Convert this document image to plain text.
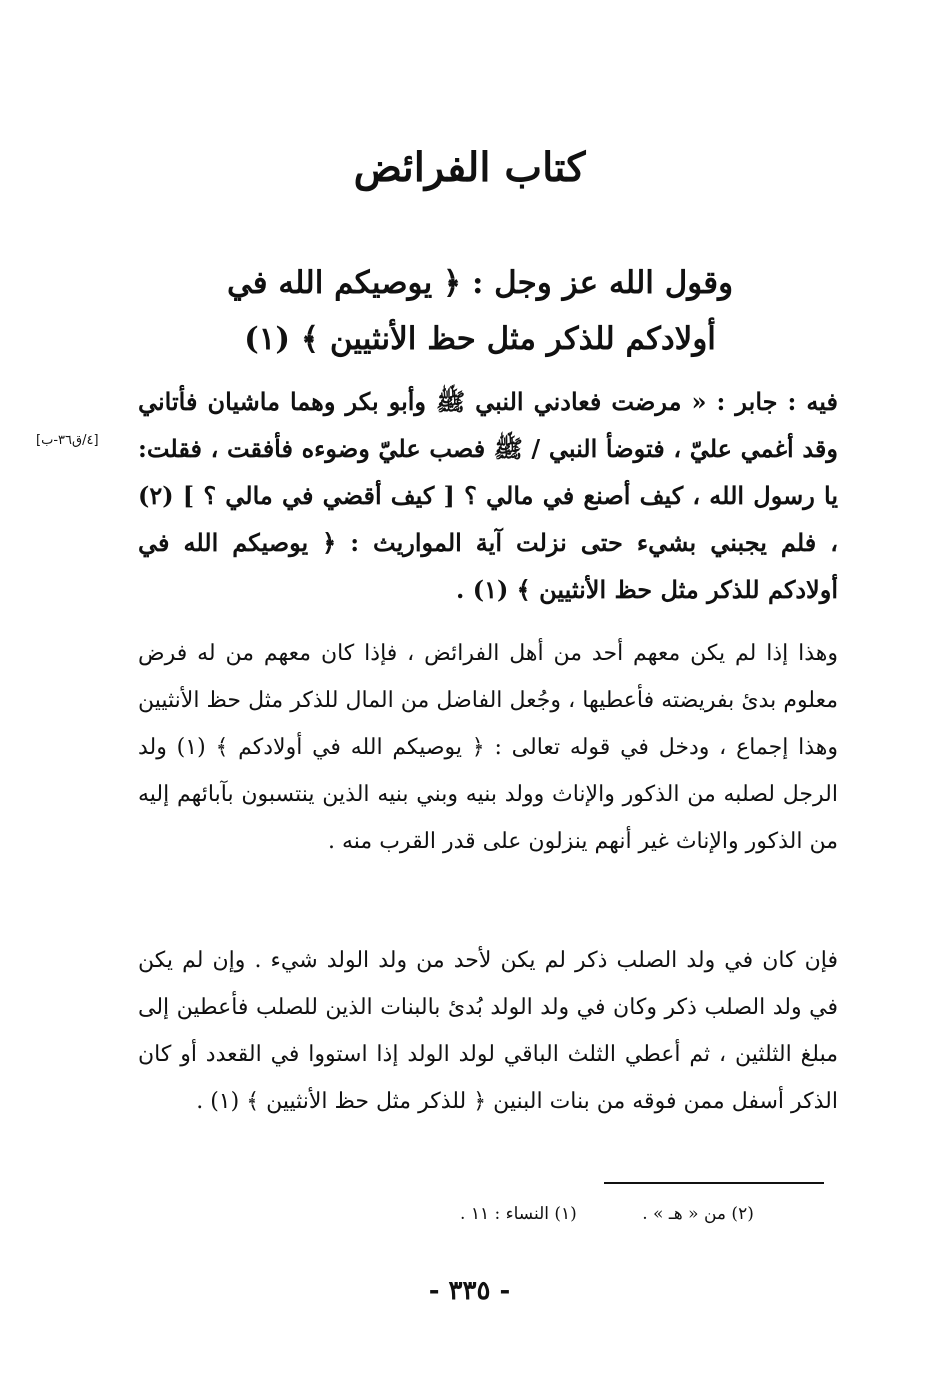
كتاب الفرائض
وقول الله عز وجل : ﴿ يوصيكم الله في أولادكم للذكر مثل حظ الأنثيين ﴾ (١)
فيه : جابر : « مرضت فعادني النبي ﷺ وأبو بكر وهما ماشيان فأتاني وقد أغمي عليّ ، فتوضأ النبي / ﷺ فصب عليّ وضوءه فأفقت ، فقلت: يا رسول الله ، كيف أصنع في مالي ؟ [ كيف أقضي في مالي ؟ ] (٢) ، فلم يجبني بشيء حتى نزلت آية المواريث : ﴿ يوصيكم الله في أولادكم للذكر مثل حظ الأنثيين ﴾ (١) .
[٤/ق٣٦-ب]
وهذا إذا لم يكن معهم أحد من أهل الفرائض ، فإذا كان معهم من له فرض معلوم بدئ بفريضته فأعطيها ، وجُعل الفاضل من المال للذكر مثل حظ الأنثيين وهذا إجماع ، ودخل في قوله تعالى : ﴿ يوصيكم الله في أولادكم ﴾ (١) ولد الرجل لصلبه من الذكور والإناث وولد بنيه وبني بنيه الذين ينتسبون بآبائهم إليه من الذكور والإناث غير أنهم ينزلون على قدر القرب منه .
فإن كان في ولد الصلب ذكر لم يكن لأحد من ولد الولد شيء . وإن لم يكن في ولد الصلب ذكر وكان في ولد الولد بُدئ بالبنات الذين للصلب فأعطين إلى مبلغ الثلثين ، ثم أعطي الثلث الباقي لولد الولد إذا استووا في القعدد أو كان الذكر أسفل ممن فوقه من بنات البنين ﴿ للذكر مثل حظ الأنثيين ﴾ (١) .
(١) النساء : ١١ .	(٢) من « هـ » .
- ٣٣٥ -
